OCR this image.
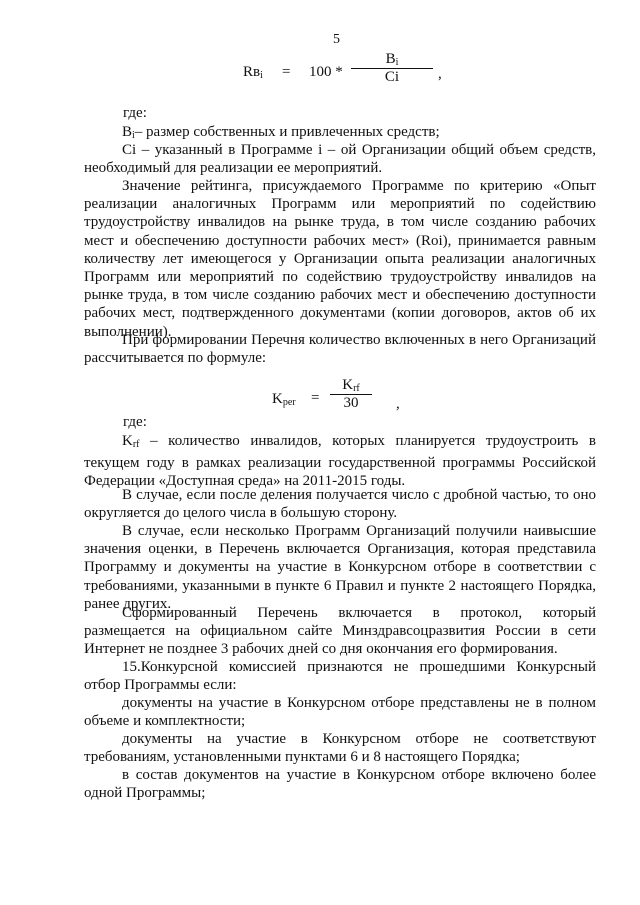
5
$Rв_i = 100$ *
$B_i$
Ci	,
где:
$B_i-$ размер собственных и привлеченных средств;
Ci – указанный в Программе i – ой Организации общий объем средств, необходимый для реализации ее мероприятий.
Значение рейтинга, присуждаемого Программе по критерию «Опыт реализации аналогичных Программ или мероприятий по содействию трудоустройству инвалидов на рынке труда, в том числе созданию рабочих мест и обеспечению доступности рабочих мест» (Roi), принимается равным количеству лет имеющегося у Организации опыта реализации аналогичных Программ или мероприятий по содействию трудоустройству инвалидов на рынке труда, в том числе созданию рабочих мест и обеспечению доступности рабочих мест, подтвержденного документами (копии договоров, актов об их выполнении).
При формировании Перечня количество включенных в него Организаций рассчитывается по формуле:
$K_{per}$ =
$K_{rf}$
30	,
где:
$K_{rf}$ – количество инвалидов, которых планируется трудоустроить в текущем году в рамках реализации государственной программы Российской Федерации «Доступная среда» на 2011-2015 годы.
В случае, если после деления получается число с дробной частью, то оно округляется до целого числа в большую сторону.
В случае, если несколько Программ Организаций получили наивысшие значения оценки, в Перечень включается Организация, которая представила Программу и документы на участие в Конкурсном отборе в соответствии с требованиями, указанными в пункте 6 Правил и пункте 2 настоящего Порядка, ранее других.
Сформированный Перечень включается в протокол, который размещается на официальном сайте Минздравсоцразвития России в сети Интернет не позднее 3 рабочих дней со дня окончания его формирования.
15.Конкурсной комиссией признаются не прошедшими Конкурсный отбор Программы если:
документы на участие в Конкурсном отборе представлены не в полном объеме и комплектности;
документы на участие в Конкурсном отборе не соответствуют требованиям, установленными пунктами 6 и 8 настоящего Порядка;
в состав документов на участие в Конкурсном отборе включено более одной Программы;
